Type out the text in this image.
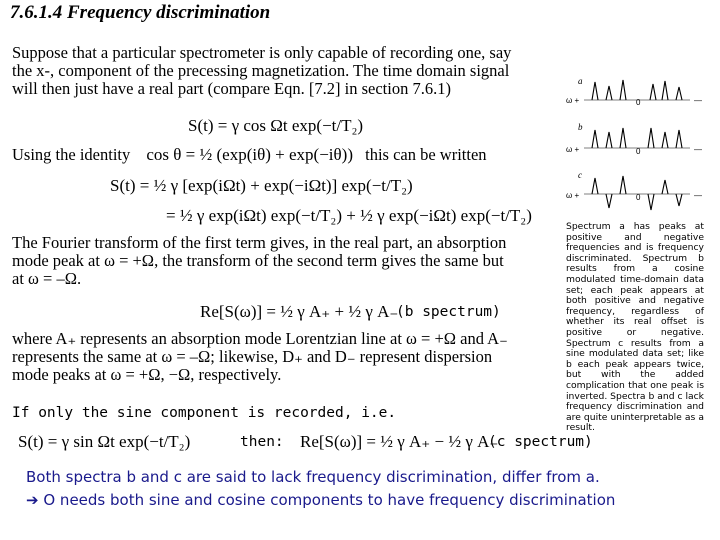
7.6.1.4 Frequency discrimination
Suppose that a particular spectrometer is only capable of recording one, say
the x-, component of the precessing magnetization. The time domain signal
will then just have a real part (compare Eqn. [7.2] in section 7.6.1)
S(t) = γ cos Ωt exp(−t/T₂)
Using the identity cos θ = ½ (exp(iθ) + exp(−iθ)) this can be written
S(t) = ½ γ [exp(iΩt) + exp(−iΩt)] exp(−t/T₂)
= ½ γ exp(iΩt) exp(−t/T₂) + ½ γ exp(−iΩt) exp(−t/T₂)
The Fourier transform of the first term gives, in the real part, an absorption
mode peak at ω = +Ω, the transform of the second term gives the same but
at ω = –Ω.
Re[S(ω)] = ½ γ A₊ + ½ γ A₋
(b spectrum)
where A₊ represents an absorption mode Lorentzian line at ω = +Ω and A₋
represents the same at ω = –Ω; likewise, D₊ and D₋ represent dispersion
mode peaks at ω = +Ω, −Ω, respectively.
If only the sine component is recorded, i.e.
S(t) = γ sin Ωt exp(−t/T₂)	then: Re[S(ω)] = ½ γ A₊ − ½ γ A₋
(c spectrum)
Both spectra b and c are said to lack frequency discrimination, differ from a.
➔ O needs both sine and cosine components to have frequency discrimination
a
ω +	0	—
b
ω +	0	—
c
ω +	0	—
Spectrum a has peaks at positive and negative frequencies and is frequency discriminated. Spectrum b results from a cosine modulated time-domain data set; each peak appears at both positive and negative frequency, regardless of whether its real offset is positive or negative. Spectrum c results from a sine modulated data set; like b each peak appears twice, but with the added complication that one peak is inverted. Spectra b and c lack frequency discrimination and are quite uninterpretable as a result.
